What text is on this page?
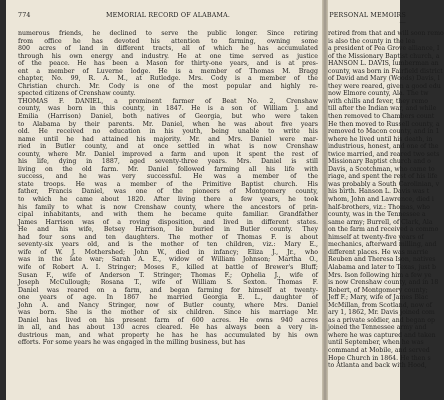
774	MEMORIAL RECORD OF ALABAMA.	PERSONAL MEMOIRS—
numerous friends, he declined to serve the public longer. Since retiring
from office he has devoted his attention to farming, owning some
800 acres of land in different tracts, all of which he has accumulated
through his own energy and industry. He at one time served as justice
of the peace. He has been a Mason for thirty-one years, and is at pres-
ent a member of Luverne lodge. He is a member of Thomas M. Bragg
chapter, No. 99, R. A. M., at Rutledge. Mrs. Cody is a member of the
Christian church. Mr. Cody is one of the most popular and highly re-
spected citizens of Crenshaw county.
THOMAS F. DANIEL, a prominent farmer of Beat No. 2, Crenshaw
county, was born in this county, in 1847. He is a son of William J. and
Emilia (Harrison) Daniel, both natives of Georgia, but who were taken
to Alabama by their parents. Mr. Daniel, when he was about five years
old. He received no education in his youth, being unable to write his
name until he had attained his majority. Mr. and Mrs. Daniel were mar-
ried in Butler county, and at once settled in what is now Crenshaw
county, where Mr. Daniel improved a farm and upon it spent the rest of
his life, dying in 1887, aged seventy-three years. Mrs. Daniel is still
living on the old farm. Mr. Daniel followed farming all his life with
success, and he was very successful. He was a member of the
state troops. He was a member of the Primitive Baptist church. His
father, Francis Daniel, was one of the pioneers of Montgomery county,
to which he came about 1820. After living there a few years, he took
his family to what is now Crenshaw county, where the ancestors of prin-
cipal inhabitants, and with them he became quite familiar. Grandfather
James Harrison was of a roving disposition, and lived in different states.
He and his wife, Betsey Harrison, lie buried in Butler county. They
had four sons and ten daughters. The mother of Thomas F. is about
seventy-six years old, and is the mother of ten children, viz.: Mary E.,
wife of W. J. Mothershed; John W., died in infancy; Eliza J., Jr., who
was in the late war; Sarah A. E., widow of William Johnson; Martha O.,
wife of Robert A. I. Stringer; Moses F., killed at battle of Brewer's Bluff;
Susan F., wife of Anderson T. Stringer; Thomas F.; Ophelia J., wife of
Joseph McCullough; Rosana T., wife of William S. Sexton. Thomas F.
Daniel was reared on a farm, and began farming for himself at twenty-
one years of age. In 1867 he married Georgia E. L., daughter of
John A. and Nancy Stringer, now of Butler county, where Mrs. Daniel
was born. She is the mother of six children. Since his marriage Mr.
Daniel has lived on his present farm of 600 acres. He owns 940 acres
in all, and has about 130 acres cleared. He has always been a very in-
dustrious man, and what property he has he has accumulated by his own
efforts. For some years he was engaged in the milling business, but has
retired from that and will soon remo
is also the county in the lea
a president of Pea Grove alliance, I
of the Missionary Baptist church, a
HANSON L. DAVIS, lumberman an
county, was born in Fairfield district
of David and Mary (Woods) Davis, l
they were reared, given a good edu
now Elmore county, Ala. The tw
with chills and fever, they remo
till after the Indian war, and while
then removed to Chambers count
He then moved to Russell county, a
removed to Macon county, and in 1
where he lived until his death, in
industrious, honest, and one of the
twice married, and reared two sets
Missionary Baptist church and o
Davis, a Scotchman, who came to
riage, and spent the rest of his life
was probably a South Carolinian, v
his birth. Hanson L. Davis was t
whom, John and Lawrence, died i
half-brothers, viz.: Thomas, who
county, was in the Tennessee a
same army; Burrell, of Clark, Ala
on the farm and received a commo
himself at twenty-five years of
mechanics, afterward milling, and
different places. He was marrie
Reuben and Theresa Ison, natives
Alabama and later to Texas, just b
Mrs. Ison following him a few ye
is now Crenshaw county, and in 18
Robert, of Montgomery county;
Jeff F.; Mary, wife of James Blac
McMillan, from Scotland, now of
ary 1, 1862, Mr. Davis joined com
as a private soldier, and began op
joined the Tennessee army and
where he was captured and taken
until September, when he was
command at Mobile, and served
Hope Church in 1864. He then s
to Atlanta and back with Hood,
